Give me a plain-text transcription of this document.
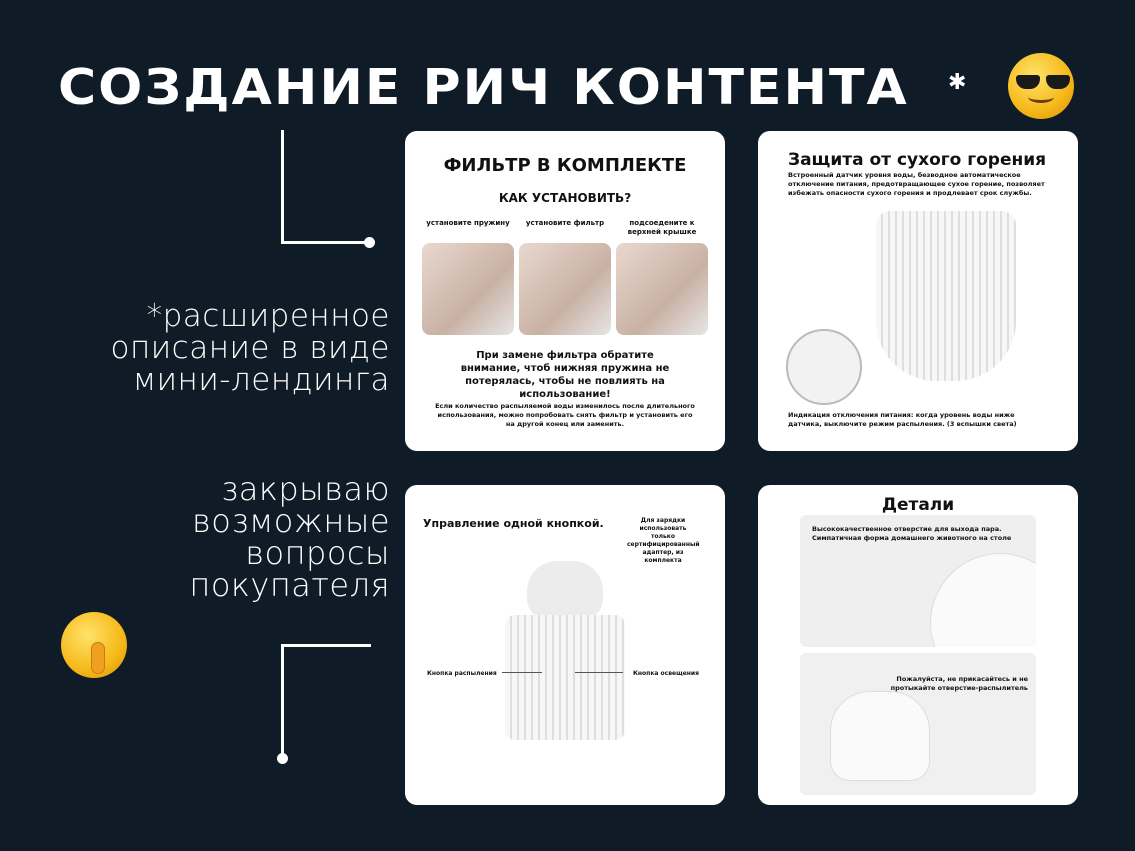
СОЗДАНИЕ РИЧ КОНТЕНТА ✱
*расширенное
описание в виде
мини-лендинга
закрываю
возможные
вопросы
покупателя
ФИЛЬТР В КОМПЛЕКТЕ
КАК УСТАНОВИТЬ?
установите пружину	установите фильтр	подсоедените к верхней крышке
При замене фильтра обратите внимание, чтоб нижняя пружина не потерялась, чтобы не повлиять на использование!
Если количество распыляемой воды изменилось после длительного использования, можно попробовать снять фильтр и установить его на другой конец или заменить.
Защита от сухого горения
Встроенный датчик уровня воды, безводное автоматическое отключение питания, предотвращающее сухое горение, позволяет избежать опасности сухого горения и продлевает срок службы.
Индикация отключения питания: когда уровень воды ниже датчика, выключите режим распыления. (3 вспышки света)
Управление одной кнопкой.	Для зарядки использовать только сертифицированный адаптер, из комплекта
Кнопка распыления	Кнопка освещения
Детали
Высококачественное отверстие для выхода пара. Симпатичная форма домашнего животного на столе
Пожалуйста, не прикасайтесь и не протыкайте отверстие-распылитель
